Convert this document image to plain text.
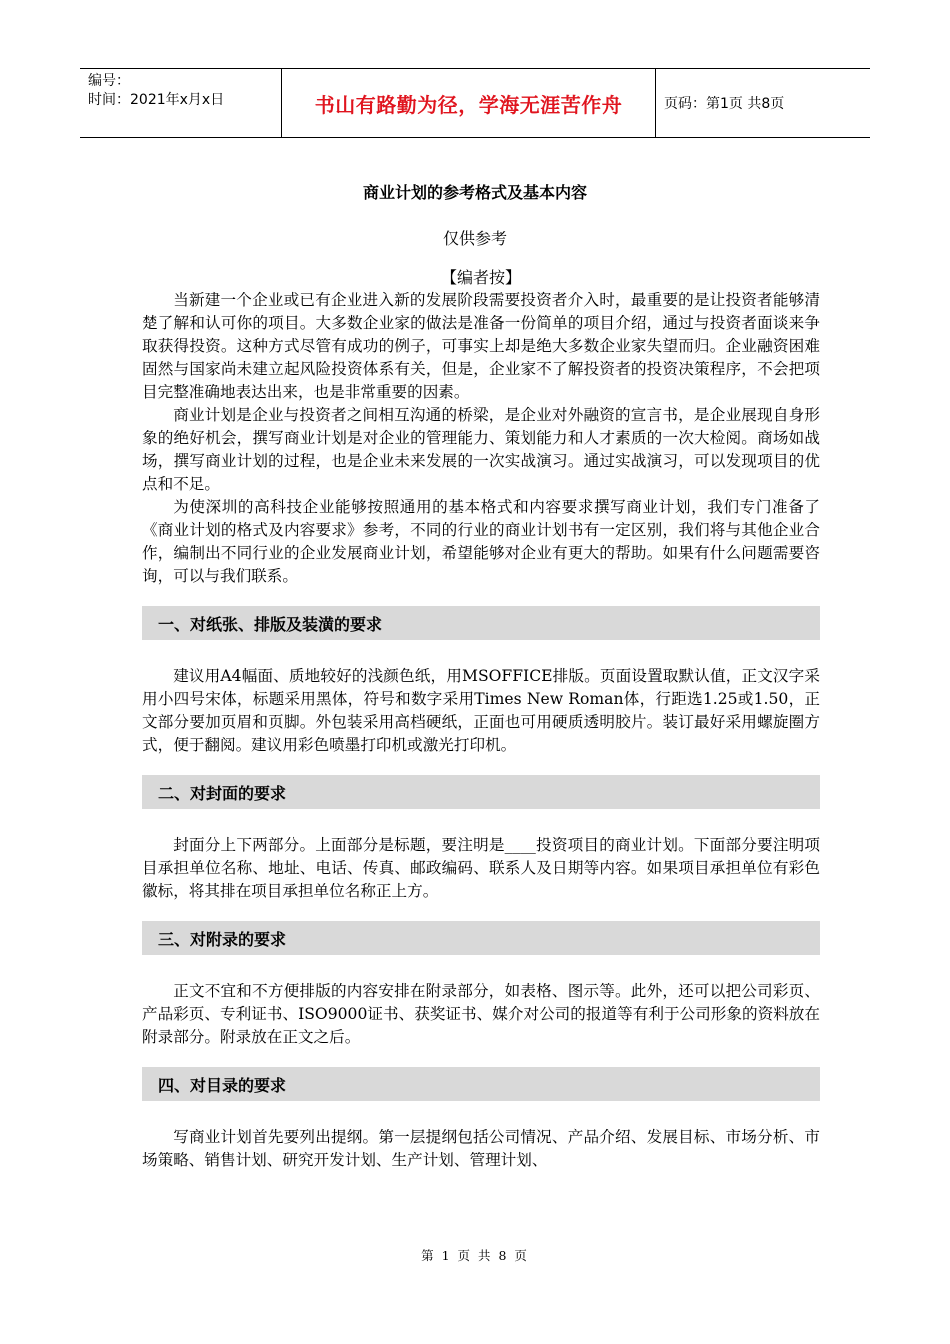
编号：
时间：2021年x月x日	书山有路勤为径，学海无涯苦作舟	页码：第1页 共8页
商业计划的参考格式及基本内容
仅供参考
【编者按】

当新建一个企业或已有企业进入新的发展阶段需要投资者介入时，最重要的是让投资者能够清楚了解和认可你的项目。大多数企业家的做法是准备一份简单的项目介绍，通过与投资者面谈来争取获得投资。这种方式尽管有成功的例子，可事实上却是绝大多数企业家失望而归。企业融资困难固然与国家尚未建立起风险投资体系有关，但是，企业家不了解投资者的投资决策程序，不会把项目完整准确地表达出来，也是非常重要的因素。

商业计划是企业与投资者之间相互沟通的桥梁，是企业对外融资的宣言书，是企业展现自身形象的绝好机会，撰写商业计划是对企业的管理能力、策划能力和人才素质的一次大检阅。商场如战场，撰写商业计划的过程，也是企业未来发展的一次实战演习。通过实战演习，可以发现项目的优点和不足。

为使深圳的高科技企业能够按照通用的基本格式和内容要求撰写商业计划，我们专门准备了《商业计划的格式及内容要求》参考，不同的行业的商业计划书有一定区别，我们将与其他企业合作，编制出不同行业的企业发展商业计划，希望能够对企业有更大的帮助。如果有什么问题需要咨询，可以与我们联系。

一、对纸张、排版及装潢的要求

建议用A4幅面、质地较好的浅颜色纸，用MSOFFICE排版。页面设置取默认值，正文汉字采用小四号宋体，标题采用黑体，符号和数字采用Times New Roman体，行距选1.25或1.50，正文部分要加页眉和页脚。外包装采用高档硬纸，正面也可用硬质透明胶片。装订最好采用螺旋圈方式，便于翻阅。建议用彩色喷墨打印机或激光打印机。

二、对封面的要求

封面分上下两部分。上面部分是标题，要注明是____投资项目的商业计划。下面部分要注明项目承担单位名称、地址、电话、传真、邮政编码、联系人及日期等内容。如果项目承担单位有彩色徽标，将其排在项目承担单位名称正上方。

三、对附录的要求

正文不宜和不方便排版的内容安排在附录部分，如表格、图示等。此外，还可以把公司彩页、产品彩页、专利证书、ISO9000证书、获奖证书、媒介对公司的报道等有利于公司形象的资料放在附录部分。附录放在正文之后。

四、对目录的要求

写商业计划首先要列出提纲。第一层提纲包括公司情况、产品介绍、发展目标、市场分析、市场策略、销售计划、研究开发计划、生产计划、管理计划、

第 1 页 共 8 页
